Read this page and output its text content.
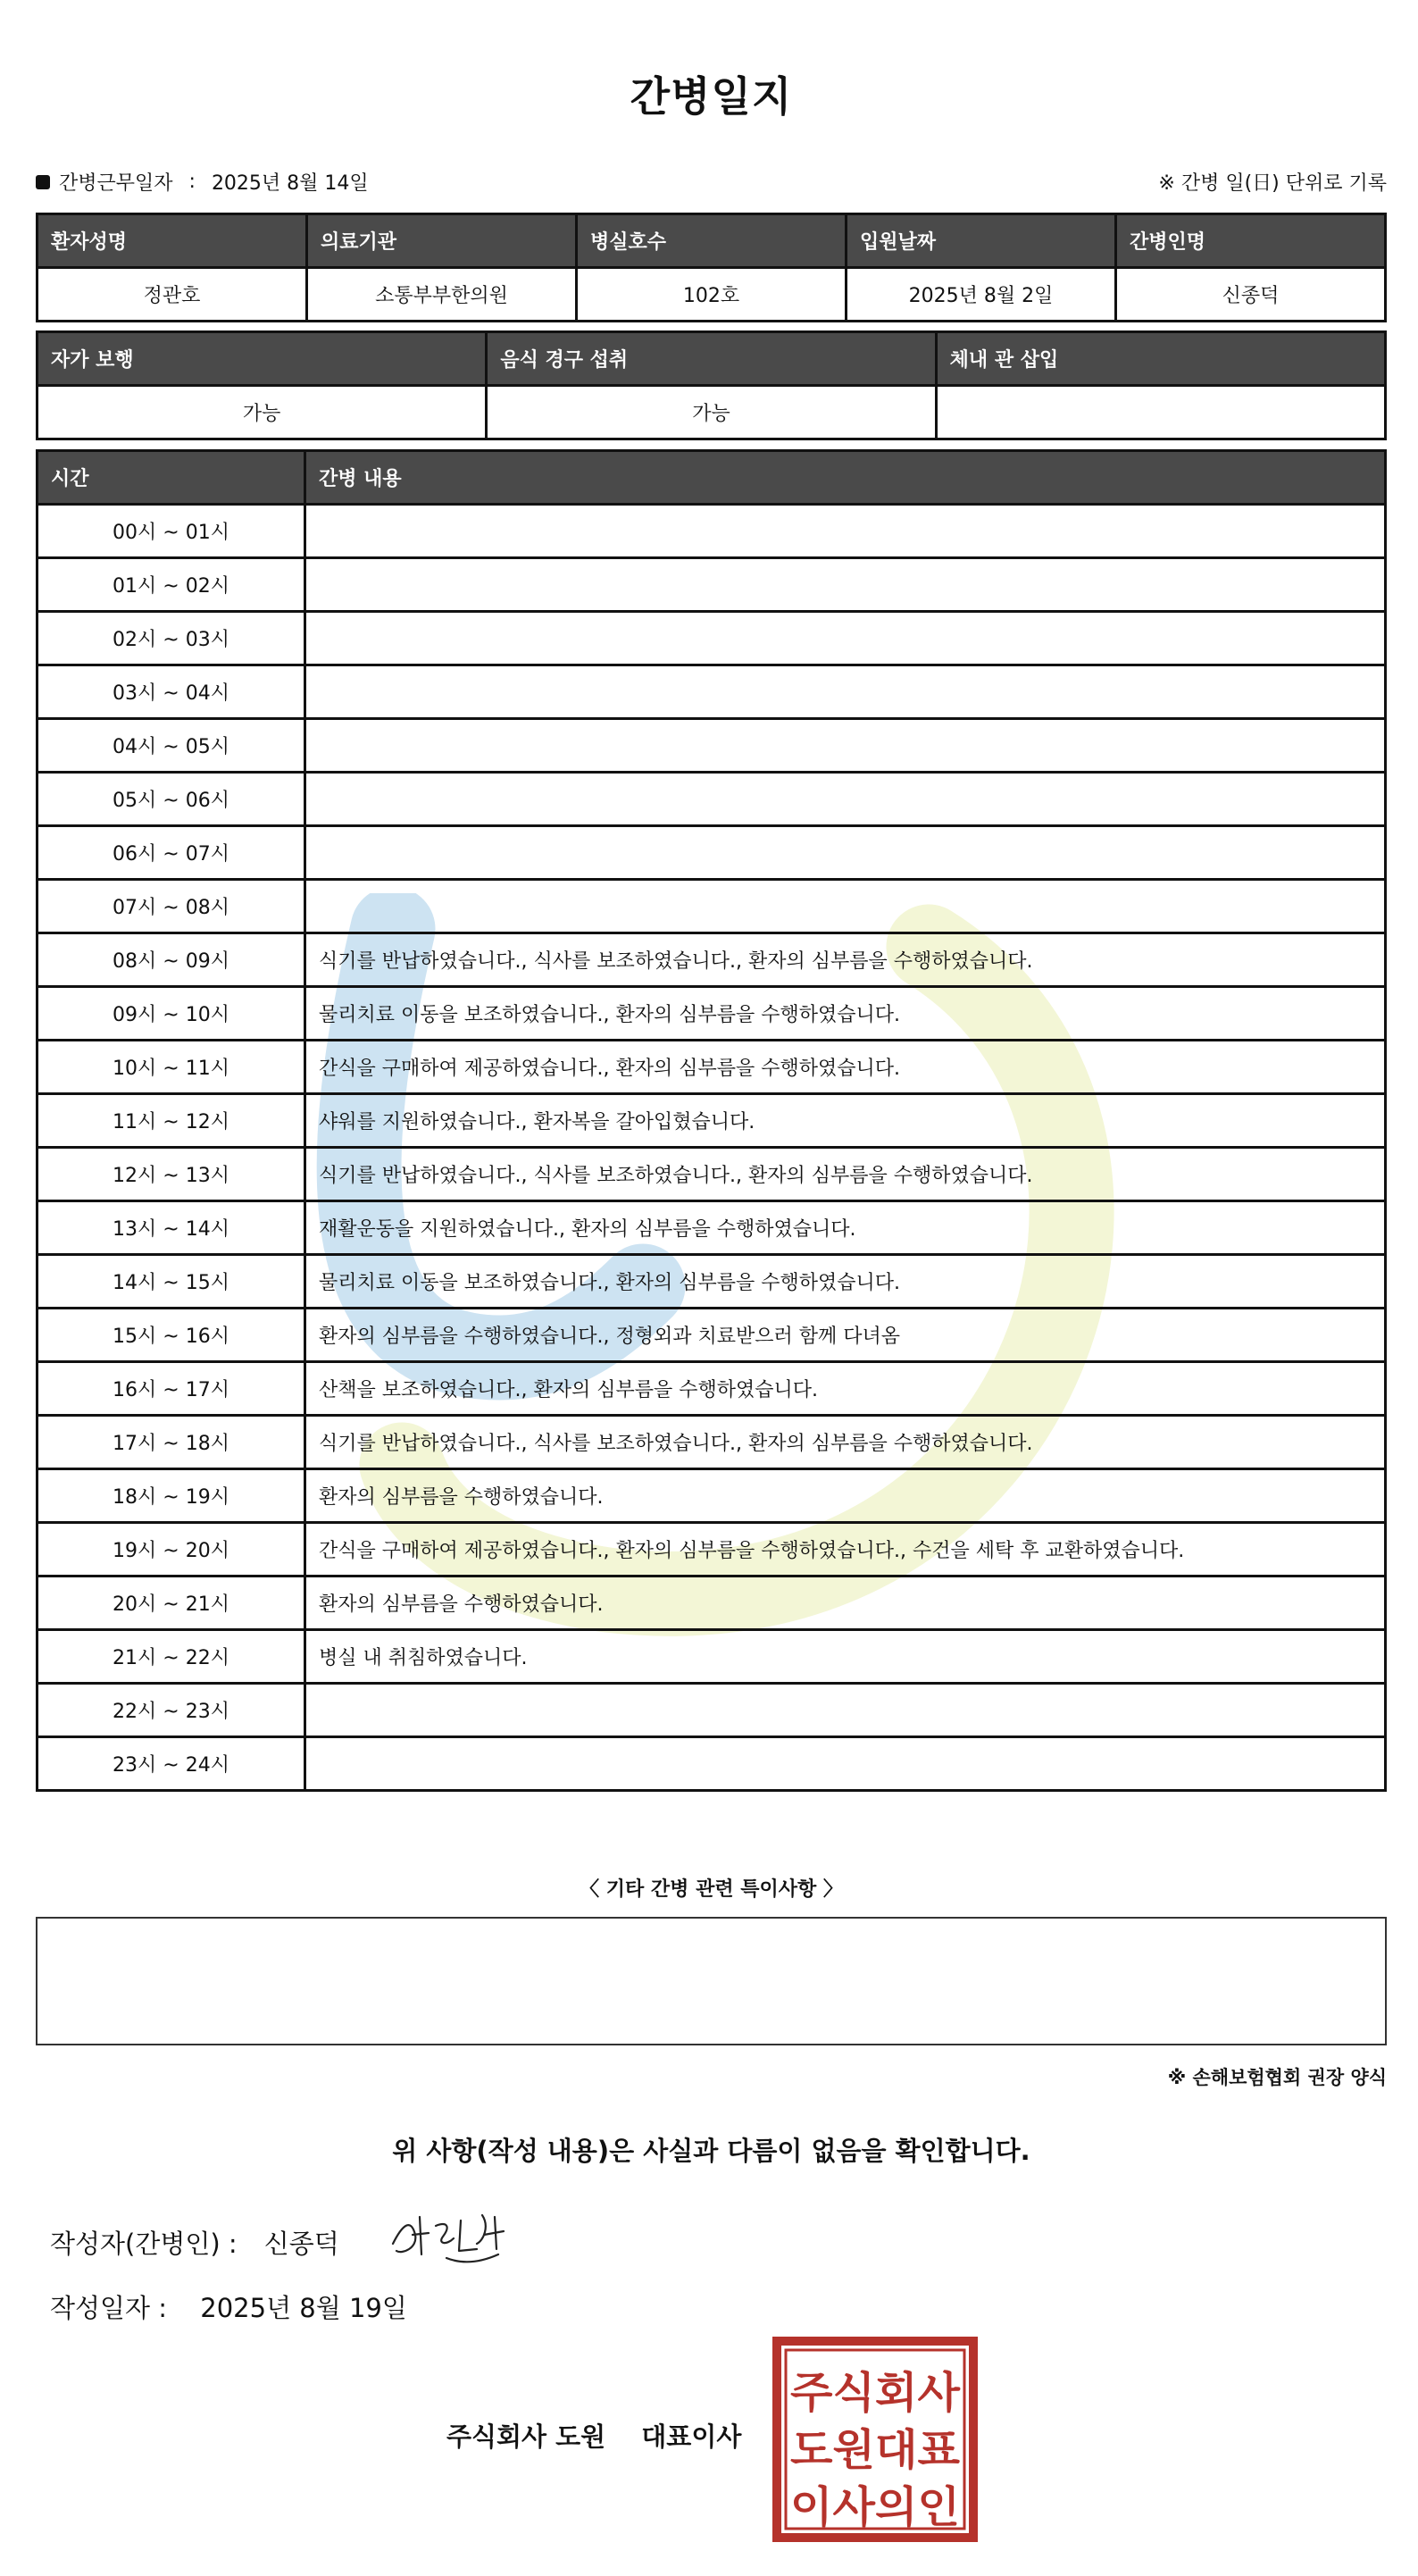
간병일지
간병근무일자 : 2025년 8월 14일	※ 간병 일(日) 단위로 기록
환자성명	의료기관	병실호수	입원날짜	간병인명
정관호	소통부부한의원	102호	2025년 8월 2일	신종덕
자가 보행	음식 경구 섭취	체내 관 삽입
가능	가능	
시간	간병 내용
00시 ~ 01시	
01시 ~ 02시	
02시 ~ 03시	
03시 ~ 04시	
04시 ~ 05시	
05시 ~ 06시	
06시 ~ 07시	
07시 ~ 08시	
08시 ~ 09시	식기를 반납하였습니다., 식사를 보조하였습니다., 환자의 심부름을 수행하였습니다.
09시 ~ 10시	물리치료 이동을 보조하였습니다., 환자의 심부름을 수행하였습니다.
10시 ~ 11시	간식을 구매하여 제공하였습니다., 환자의 심부름을 수행하였습니다.
11시 ~ 12시	샤워를 지원하였습니다., 환자복을 갈아입혔습니다.
12시 ~ 13시	식기를 반납하였습니다., 식사를 보조하였습니다., 환자의 심부름을 수행하였습니다.
13시 ~ 14시	재활운동을 지원하였습니다., 환자의 심부름을 수행하였습니다.
14시 ~ 15시	물리치료 이동을 보조하였습니다., 환자의 심부름을 수행하였습니다.
15시 ~ 16시	환자의 심부름을 수행하였습니다., 정형외과 치료받으러 함께 다녀옴
16시 ~ 17시	산책을 보조하였습니다., 환자의 심부름을 수행하였습니다.
17시 ~ 18시	식기를 반납하였습니다., 식사를 보조하였습니다., 환자의 심부름을 수행하였습니다.
18시 ~ 19시	환자의 심부름을 수행하였습니다.
19시 ~ 20시	간식을 구매하여 제공하였습니다., 환자의 심부름을 수행하였습니다., 수건을 세탁 후 교환하였습니다.
20시 ~ 21시	환자의 심부름을 수행하였습니다.
21시 ~ 22시	병실 내 취침하였습니다.
22시 ~ 23시	
23시 ~ 24시	
〈 기타 간병 관련 특이사항 〉
※ 손해보험협회 권장 양식
위 사항(작성 내용)은 사실과 다름이 없음을 확인합니다.
작성자(간병인) : 신종덕
작성일자 : 2025년 8월 19일
주식회사 도원 대표이사
주식회사
도원대표
이사의인
